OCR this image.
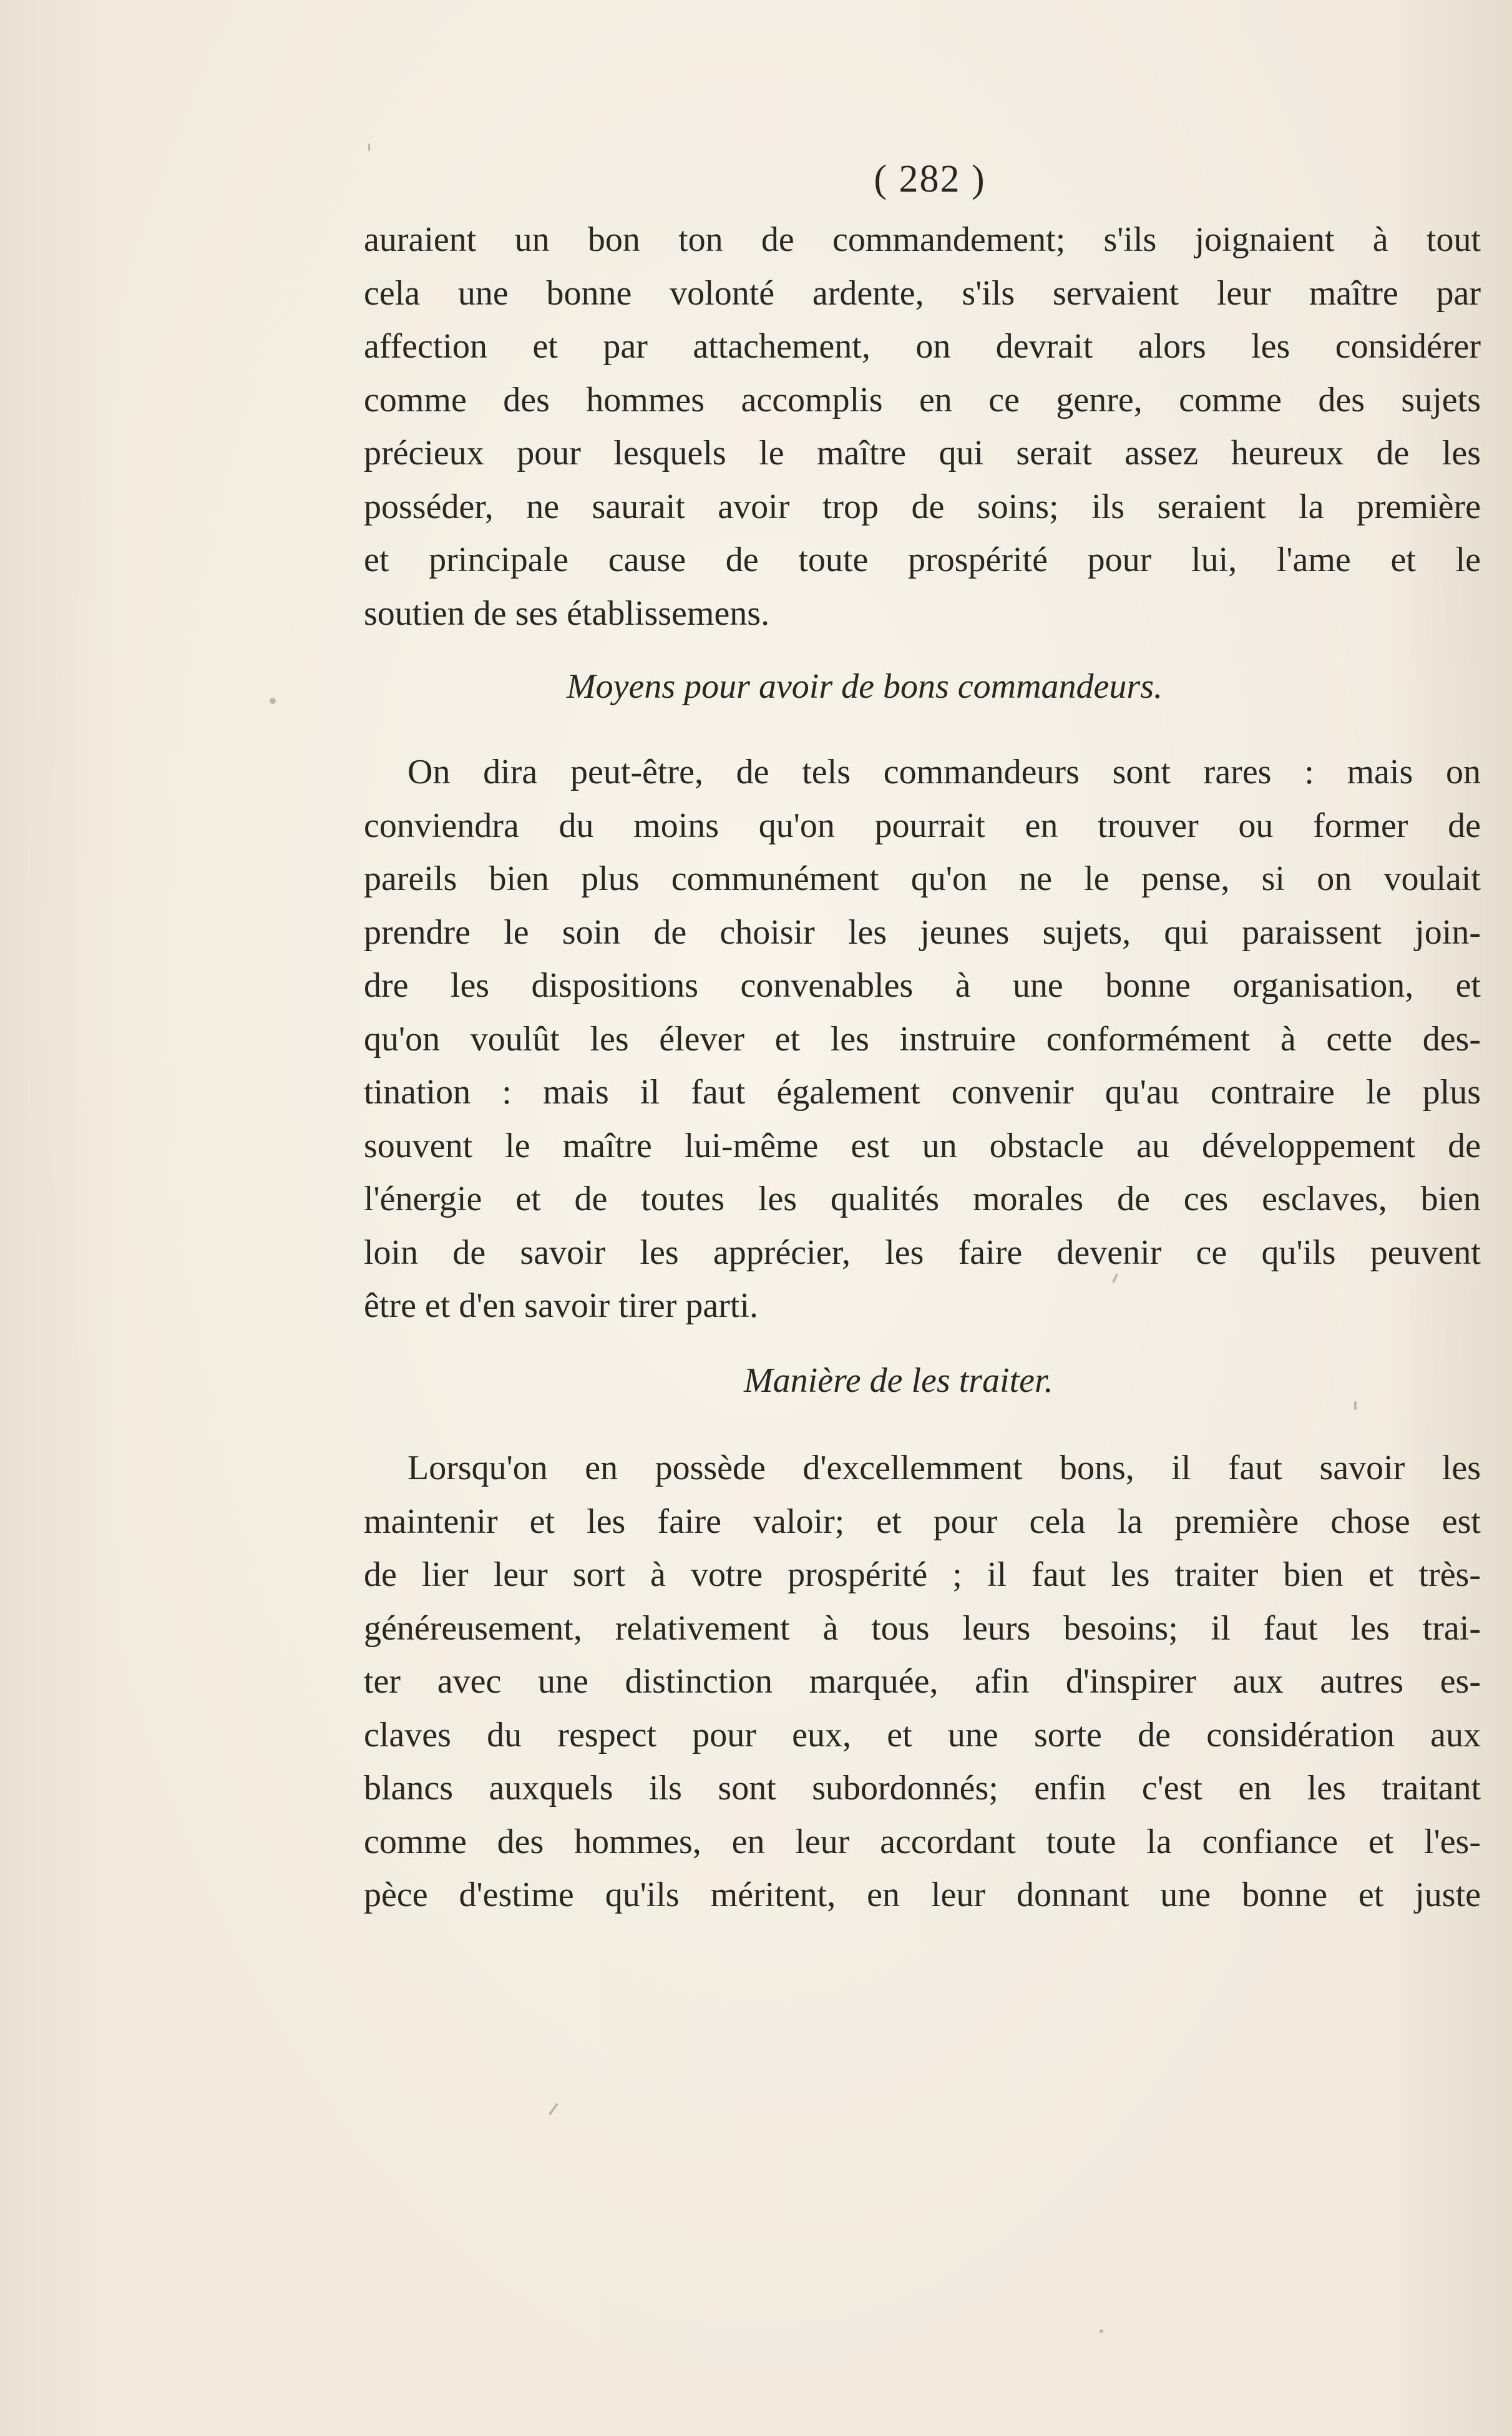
( 282 )
auraient un bon ton de commandement; s'ils joignaient à tout
cela une bonne volonté ardente, s'ils servaient leur maître par
affection et par attachement, on devrait alors les considérer
comme des hommes accomplis en ce genre, comme des sujets
précieux pour lesquels le maître qui serait assez heureux de les
posséder, ne saurait avoir trop de soins; ils seraient la première
et principale cause de toute prospérité pour lui, l'ame et le
soutien de ses établissemens.
Moyens pour avoir de bons commandeurs.
On dira peut-être, de tels commandeurs sont rares : mais on
conviendra du moins qu'on pourrait en trouver ou former de
pareils bien plus communément qu'on ne le pense, si on voulait
prendre le soin de choisir les jeunes sujets, qui paraissent join-
dre les dispositions convenables à une bonne organisation, et
qu'on voulût les élever et les instruire conformément à cette des-
tination : mais il faut également convenir qu'au contraire le plus
souvent le maître lui-même est un obstacle au développement de
l'énergie et de toutes les qualités morales de ces esclaves, bien
loin de savoir les apprécier, les faire devenir ce qu'ils peuvent
être et d'en savoir tirer parti.
Manière de les traiter.
Lorsqu'on en possède d'excellemment bons, il faut savoir les
maintenir et les faire valoir; et pour cela la première chose est
de lier leur sort à votre prospérité ; il faut les traiter bien et très-
généreusement, relativement à tous leurs besoins; il faut les trai-
ter avec une distinction marquée, afin d'inspirer aux autres es-
claves du respect pour eux, et une sorte de considération aux
blancs auxquels ils sont subordonnés; enfin c'est en les traitant
comme des hommes, en leur accordant toute la confiance et l'es-
pèce d'estime qu'ils méritent, en leur donnant une bonne et juste
